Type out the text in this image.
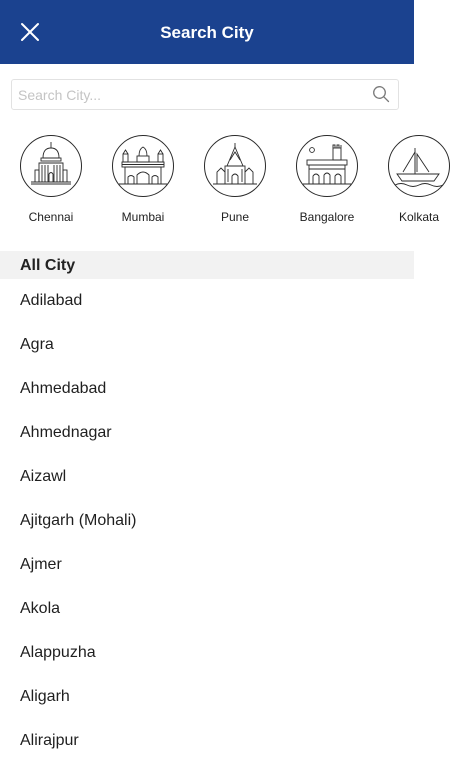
Search City
Search City...
Chennai	Mumbai	Pune	Bangalore	Kolkata
All City
Adilabad
Agra
Ahmedabad
Ahmednagar
Aizawl
Ajitgarh (Mohali)
Ajmer
Akola
Alappuzha
Aligarh
Alirajpur
